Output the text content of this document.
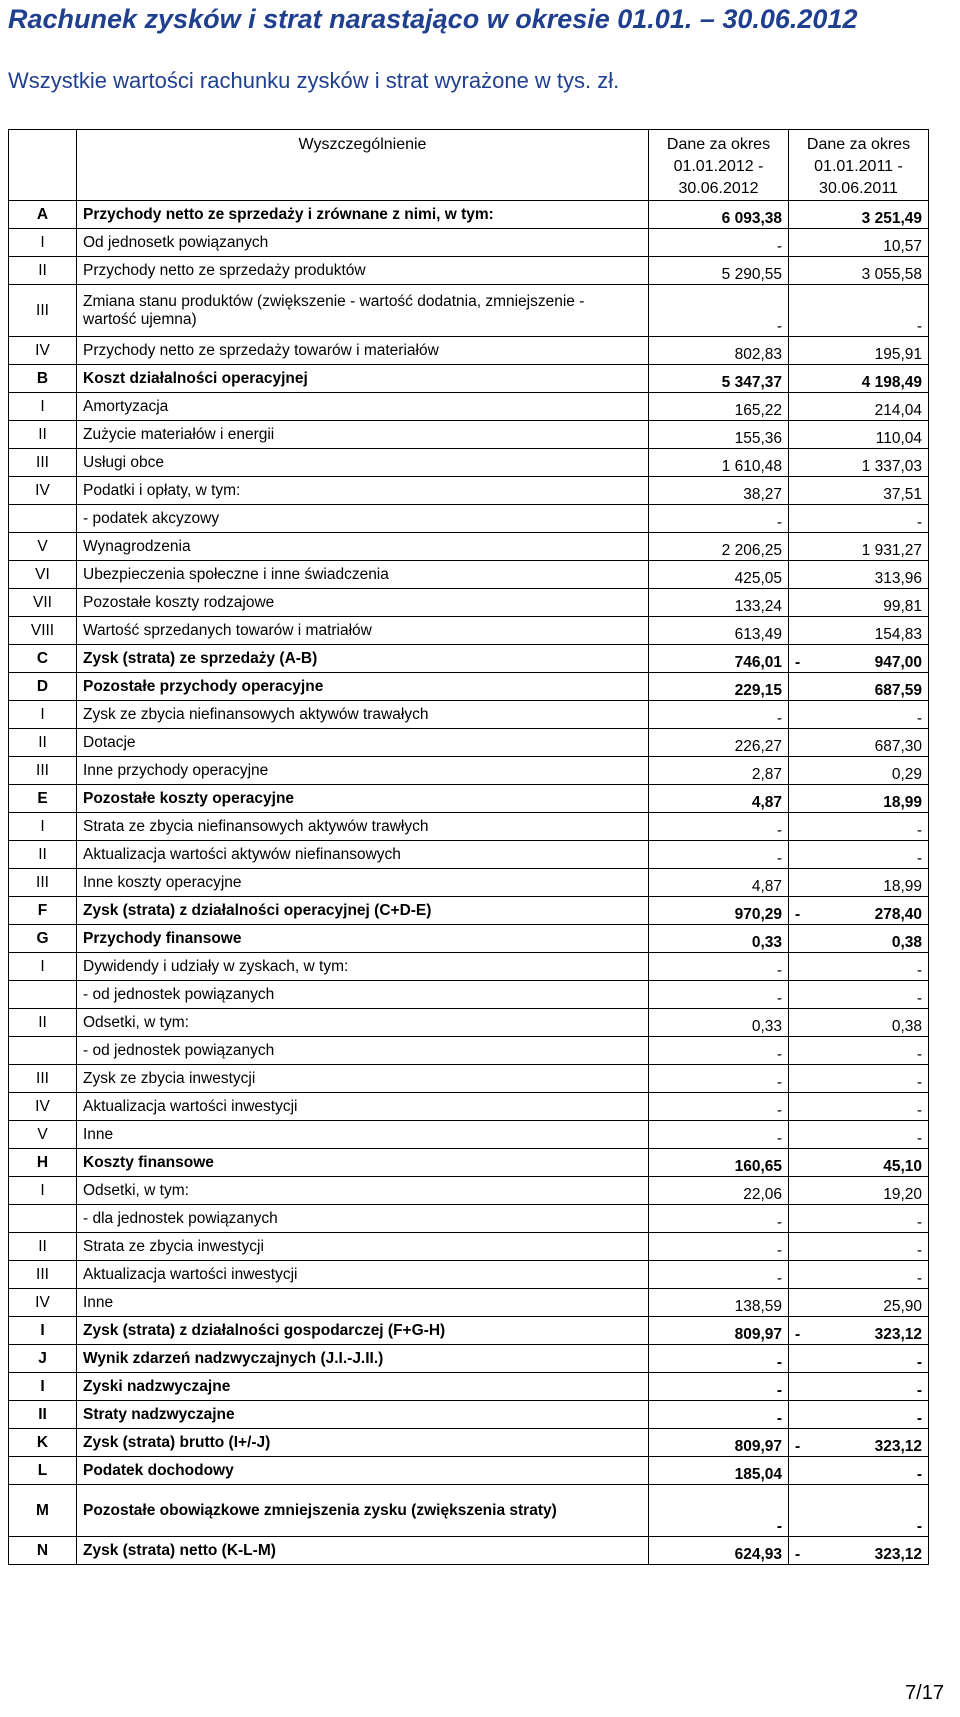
Rachunek zysków i strat narastająco w okresie 01.01. – 30.06.2012

Wszystkie wartości rachunku zysków i strat wyrażone w tys. zł.

	Wyszczególnienie	Dane za okres 01.01.2012 - 30.06.2012	Dane za okres 01.01.2011 - 30.06.2011
A	Przychody netto ze sprzedaży i zrównane z nimi, w tym:	6 093,38	3 251,49
I	Od jednosetk powiązanych	-	10,57
II	Przychody netto ze sprzedaży produktów	5 290,55	3 055,58
III	Zmiana stanu produktów (zwiększenie - wartość dodatnia, zmniejszenie - wartość ujemna)	-	-
IV	Przychody netto ze sprzedaży towarów i materiałów	802,83	195,91
B	Koszt działalności operacyjnej	5 347,37	4 198,49
I	Amortyzacja	165,22	214,04
II	Zużycie materiałów i energii	155,36	110,04
III	Usługi obce	1 610,48	1 337,03
IV	Podatki i opłaty, w tym:	38,27	37,51
	- podatek akcyzowy	-	-
V	Wynagrodzenia	2 206,25	1 931,27
VI	Ubezpieczenia społeczne i inne świadczenia	425,05	313,96
VII	Pozostałe koszty rodzajowe	133,24	99,81
VIII	Wartość sprzedanych towarów i matriałów	613,49	154,83
C	Zysk (strata) ze sprzedaży (A-B)	746,01	- 947,00
D	Pozostałe przychody operacyjne	229,15	687,59
I	Zysk ze zbycia niefinansowych aktywów trawałych	-	-
II	Dotacje	226,27	687,30
III	Inne przychody operacyjne	2,87	0,29
E	Pozostałe koszty operacyjne	4,87	18,99
I	Strata ze zbycia niefinansowych aktywów trawłych	-	-
II	Aktualizacja wartości aktywów niefinansowych	-	-
III	Inne koszty operacyjne	4,87	18,99
F	Zysk (strata) z działalności operacyjnej (C+D-E)	970,29	- 278,40
G	Przychody finansowe	0,33	0,38
I	Dywidendy i udziały w zyskach, w tym:	-	-
	- od jednostek powiązanych	-	-
II	Odsetki, w tym:	0,33	0,38
	- od jednostek powiązanych	-	-
III	Zysk ze zbycia inwestycji	-	-
IV	Aktualizacja wartości inwestycji	-	-
V	Inne	-	-
H	Koszty finansowe	160,65	45,10
I	Odsetki, w tym:	22,06	19,20
	- dla jednostek powiązanych	-	-
II	Strata ze zbycia inwestycji	-	-
III	Aktualizacja wartości inwestycji	-	-
IV	Inne	138,59	25,90
I	Zysk (strata) z działalności gospodarczej (F+G-H)	809,97	- 323,12
J	Wynik zdarzeń nadzwyczajnych (J.I.-J.II.)	-	-
I	Zyski nadzwyczajne	-	-
II	Straty nadzwyczajne	-	-
K	Zysk (strata) brutto (I+/-J)	809,97	- 323,12
L	Podatek dochodowy	185,04	-
M	Pozostałe obowiązkowe zmniejszenia zysku (zwiększenia straty)	-	-
N	Zysk (strata) netto (K-L-M)	624,93	- 323,12
7/17
